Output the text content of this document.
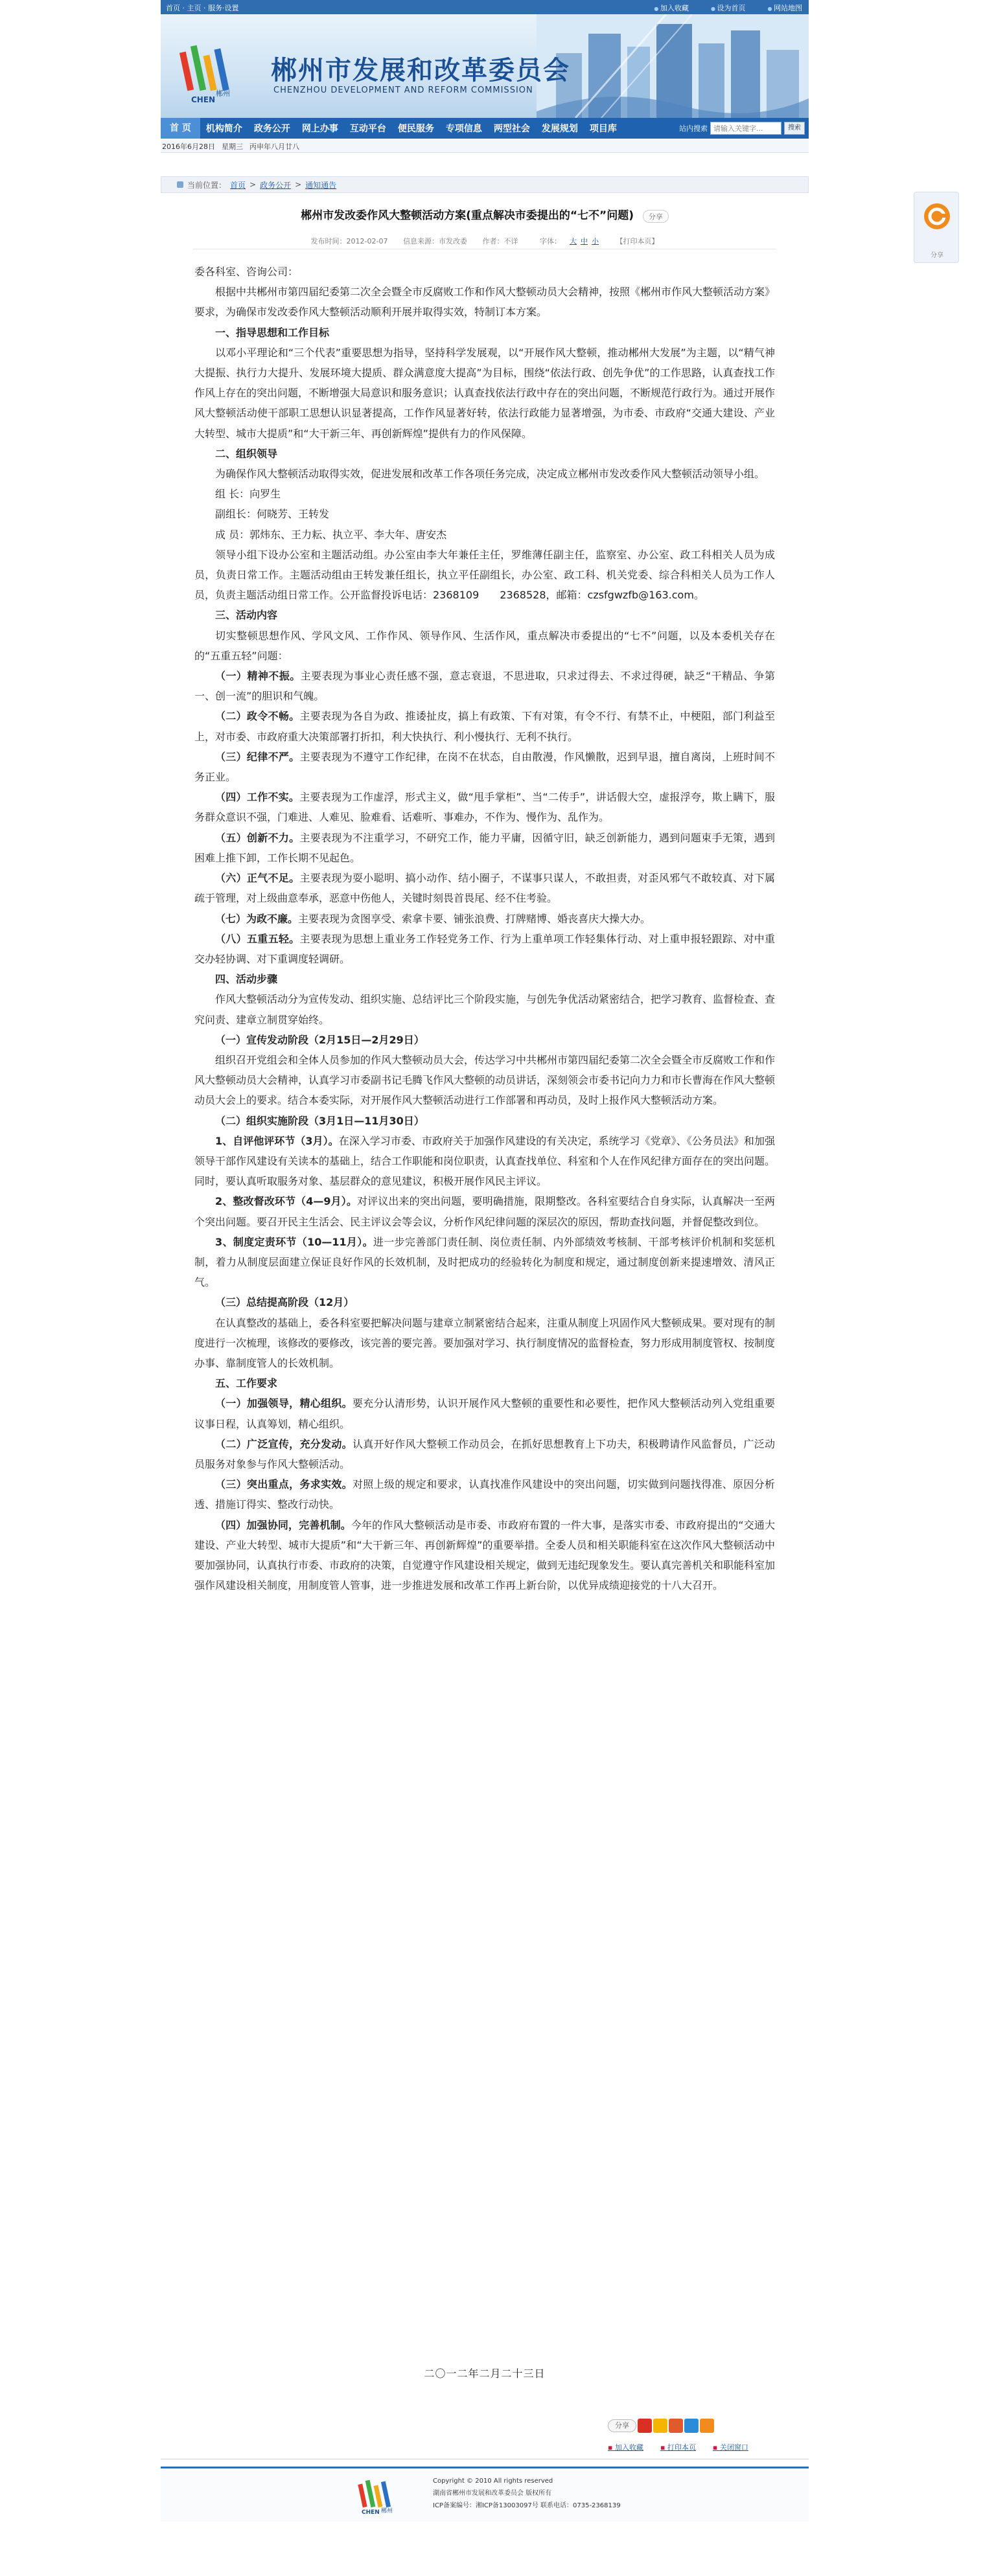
首页 · 主页 · 服务·设置	● 加入收藏	● 设为首页	● 网站地图
郴州
CHEN
郴州市发展和改革委员会
CHENZHOU DEVELOPMENT AND REFORM COMMISSION
首 页	机构简介	政务公开	网上办事	互动平台	便民服务	专项信息	两型社会	发展规划	项目库	站内搜索
请输入关键字...	搜索
2016年6月28日 星期三 丙申年八月廿八
当前位置： 首页 > 政务公开 > 通知通告
郴州市发改委作风大整顿活动方案(重点解决市委提出的“七不”问题) 分享
发布时间：2012-02-07 信息来源：市发改委 作者：不详	字体： 大 中 小 【打印本页】

委各科室、咨询公司：

根据中共郴州市第四届纪委第二次全会暨全市反腐败工作和作风大整顿动员大会精神，按照《郴州市作风大整顿活动方案》要求，为确保市发改委作风大整顿活动顺利开展并取得实效，特制订本方案。

一、指导思想和工作目标

以邓小平理论和“三个代表”重要思想为指导，坚持科学发展观，以“开展作风大整顿，推动郴州大发展”为主题，以“精气神大提振、执行力大提升、发展环境大提质、群众满意度大提高”为目标，围绕“依法行政、创先争优”的工作思路，认真查找工作作风上存在的突出问题，不断增强大局意识和服务意识；认真查找依法行政中存在的突出问题，不断规范行政行为。通过开展作风大整顿活动使干部职工思想认识显著提高，工作作风显著好转，依法行政能力显著增强，为市委、市政府“交通大建设、产业大转型、城市大提质”和“大干新三年、再创新辉煌”提供有力的作风保障。

二、组织领导

为确保作风大整顿活动取得实效，促进发展和改革工作各项任务完成，决定成立郴州市发改委作风大整顿活动领导小组。

组 长：向罗生

副组长：何晓芳、王转发

成 员：郭炜东、王力耘、执立平、李大年、唐安杰

领导小组下设办公室和主题活动组。办公室由李大年兼任主任，罗维薄任副主任，监察室、办公室、政工科相关人员为成员，负责日常工作。主题活动组由王转发兼任组长，执立平任副组长，办公室、政工科、机关党委、综合科相关人员为工作人员，负责主题活动组日常工作。公开监督投诉电话：2368109　　2368528，邮箱：czsfgwzfb@163.com。

三、活动内容

切实整顿思想作风、学风文风、工作作风、领导作风、生活作风，重点解决市委提出的“七不”问题，以及本委机关存在的“五重五轻”问题：

（一）精神不振。主要表现为事业心责任感不强，意志衰退，不思进取，只求过得去、不求过得硬，缺乏“干精品、争第一、创一流”的胆识和气魄。

（二）政令不畅。主要表现为各自为政、推诿扯皮，搞上有政策、下有对策，有令不行、有禁不止，中梗阻，部门利益至上，对市委、市政府重大决策部署打折扣，利大快执行、利小慢执行、无利不执行。

（三）纪律不严。主要表现为不遵守工作纪律，在岗不在状态，自由散漫，作风懒散，迟到早退，擅自离岗，上班时间不务正业。

（四）工作不实。主要表现为工作虚浮，形式主义，做“甩手掌柜”、当“二传手”，讲话假大空，虚报浮夸，欺上瞒下，服务群众意识不强，门难进、人难见、脸难看、话难听、事难办，不作为、慢作为、乱作为。

（五）创新不力。主要表现为不注重学习，不研究工作，能力平庸，因循守旧，缺乏创新能力，遇到问题束手无策，遇到困难上推下卸，工作长期不见起色。

（六）正气不足。主要表现为耍小聪明、搞小动作、结小圈子，不谋事只谋人，不敢担责，对歪风邪气不敢较真、对下属疏于管理，对上级曲意奉承，恶意中伤他人，关键时刻畏首畏尾、经不住考验。

（七）为政不廉。主要表现为贪图享受、索拿卡要、铺张浪费、打牌赌博、婚丧喜庆大操大办。

（八）五重五轻。主要表现为思想上重业务工作轻党务工作、行为上重单项工作轻集体行动、对上重申报轻跟踪、对中重交办轻协调、对下重调度轻调研。

四、活动步骤

作风大整顿活动分为宣传发动、组织实施、总结评比三个阶段实施，与创先争优活动紧密结合，把学习教育、监督检查、查究问责、建章立制贯穿始终。

（一）宣传发动阶段（2月15日—2月29日）

组织召开党组会和全体人员参加的作风大整顿动员大会，传达学习中共郴州市第四届纪委第二次全会暨全市反腐败工作和作风大整顿动员大会精神，认真学习市委副书记毛腾飞作风大整顿的动员讲话，深刻领会市委书记向力力和市长曹海在作风大整顿动员大会上的要求。结合本委实际，对开展作风大整顿活动进行工作部署和再动员，及时上报作风大整顿活动方案。

（二）组织实施阶段（3月1日—11月30日）

1、自评他评环节（3月）。在深入学习市委、市政府关于加强作风建设的有关决定，系统学习《党章》、《公务员法》和加强领导干部作风建设有关读本的基础上，结合工作职能和岗位职责，认真查找单位、科室和个人在作风纪律方面存在的突出问题。同时，要认真听取服务对象、基层群众的意见建议，积极开展作风民主评议。

2、整改督改环节（4—9月）。对评议出来的突出问题，要明确措施，限期整改。各科室要结合自身实际，认真解决一至两个突出问题。要召开民主生活会、民主评议会等会议，分析作风纪律问题的深层次的原因，帮助查找问题，并督促整改到位。

3、制度定责环节（10—11月）。进一步完善部门责任制、岗位责任制、内外部绩效考核制、干部考核评价机制和奖惩机制，着力从制度层面建立保证良好作风的长效机制，及时把成功的经验转化为制度和规定，通过制度创新来提速增效、清风正气。

（三）总结提高阶段（12月）

在认真整改的基础上，委各科室要把解决问题与建章立制紧密结合起来，注重从制度上巩固作风大整顿成果。要对现有的制度进行一次梳理，该修改的要修改，该完善的要完善。要加强对学习、执行制度情况的监督检查，努力形成用制度管权、按制度办事、靠制度管人的长效机制。

五、工作要求

（一）加强领导，精心组织。要充分认清形势，认识开展作风大整顿的重要性和必要性，把作风大整顿活动列入党组重要议事日程，认真筹划，精心组织。

（二）广泛宣传，充分发动。认真开好作风大整顿工作动员会，在抓好思想教育上下功夫，积极聘请作风监督员，广泛动员服务对象参与作风大整顿活动。

（三）突出重点，务求实效。对照上级的规定和要求，认真找准作风建设中的突出问题，切实做到问题找得准、原因分析透、措施订得实、整改行动快。

（四）加强协同，完善机制。今年的作风大整顿活动是市委、市政府布置的一件大事，是落实市委、市政府提出的“交通大建设、产业大转型、城市大提质”和“大干新三年、再创新辉煌”的重要举措。全委人员和相关职能科室在这次作风大整顿活动中要加强协同，认真执行市委、市政府的决策，自觉遵守作风建设相关规定，做到无违纪现象发生。要认真完善机关和职能科室加强作风建设相关制度，用制度管人管事，进一步推进发展和改革工作再上新台阶，以优异成绩迎接党的十八大召开。

二〇一二年二月二十三日
分享
▪ 加入收藏	▪ 打印本页	▪ 关闭窗口
郴州
CHEN
Copyright © 2010 All rights reserved
湖南省郴州市发展和改革委员会 版权所有
ICP备案编号：湘ICP备13003097号 联系电话：0735-2368139
分享
